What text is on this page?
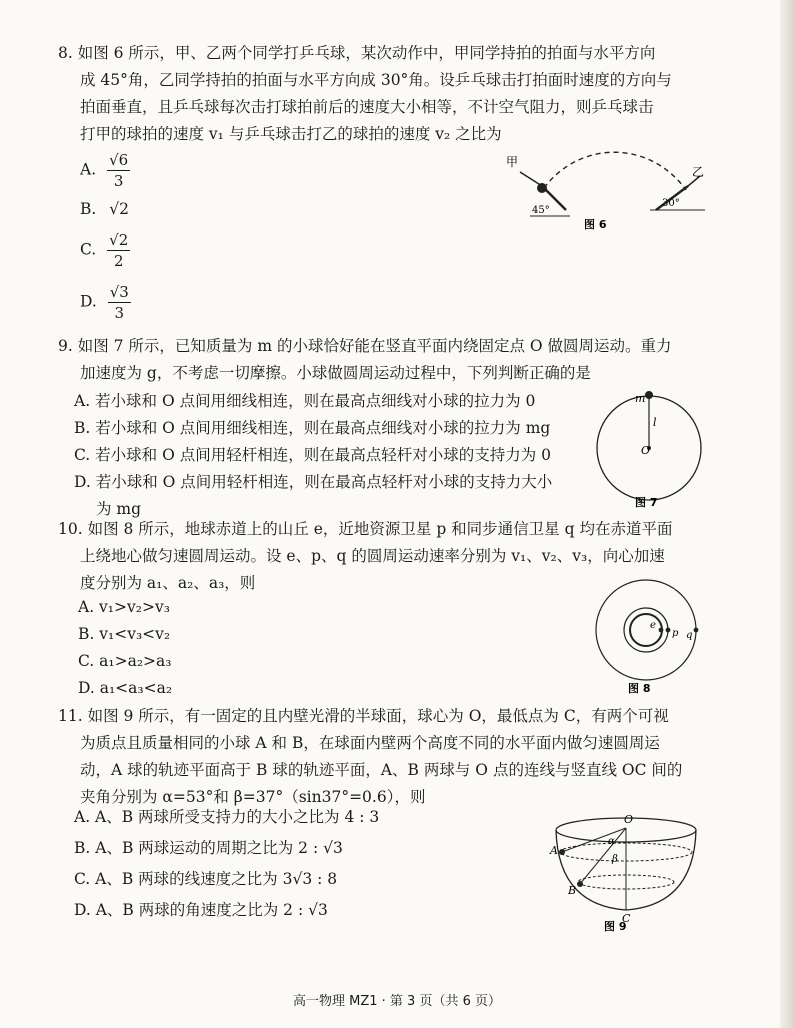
8. 如图 6 所示，甲、乙两个同学打乒乓球，某次动作中，甲同学持拍的拍面与水平方向
成 45°角，乙同学持拍的拍面与水平方向成 30°角。设乒乓球击打拍面时速度的方向与
拍面垂直，且乒乓球每次击打球拍前后的速度大小相等，不计空气阻力，则乒乓球击
打甲的球拍的速度 v₁ 与乒乓球击打乙的球拍的速度 v₂ 之比为
A. $\frac{√6}{3}$
B. √2
C. $\frac{√2}{2}$
D. $\frac{√3}{3}$
甲
45°
乙
30°
图 6
9. 如图 7 所示，已知质量为 m 的小球恰好能在竖直平面内绕固定点 O 做圆周运动。重力
加速度为 g，不考虑一切摩擦。小球做圆周运动过程中，下列判断正确的是
A. 若小球和 O 点间用细线相连，则在最高点细线对小球的拉力为 0
B. 若小球和 O 点间用细线相连，则在最高点细线对小球的拉力为 mg
C. 若小球和 O 点间用轻杆相连，则在最高点轻杆对小球的支持力为 0
D. 若小球和 O 点间用轻杆相连，则在最高点轻杆对小球的支持力大小
为 mg
m
l
O
图 7
10. 如图 8 所示，地球赤道上的山丘 e，近地资源卫星 p 和同步通信卫星 q 均在赤道平面
上绕地心做匀速圆周运动。设 e、p、q 的圆周运动速率分别为 v₁、v₂、v₃，向心加速
度分别为 a₁、a₂、a₃，则
A. v₁>v₂>v₃
B. v₁<v₃<v₂
C. a₁>a₂>a₃
D. a₁<a₃<a₂
e
p q
图 8
11. 如图 9 所示，有一固定的且内壁光滑的半球面，球心为 O，最低点为 C，有两个可视
为质点且质量相同的小球 A 和 B，在球面内壁两个高度不同的水平面内做匀速圆周运
动，A 球的轨迹平面高于 B 球的轨迹平面，A、B 两球与 O 点的连线与竖直线 OC 间的
夹角分别为 α=53°和 β=37°（sin37°=0.6），则
A. A、B 两球所受支持力的大小之比为 4 : 3
B. A、B 两球运动的周期之比为 2 : √3
C. A、B 两球的线速度之比为 3√3 : 8
D. A、B 两球的角速度之比为 2 : √3
O
A
B
C
α
β
图 9
高一物理 MZ1 · 第 3 页（共 6 页）
